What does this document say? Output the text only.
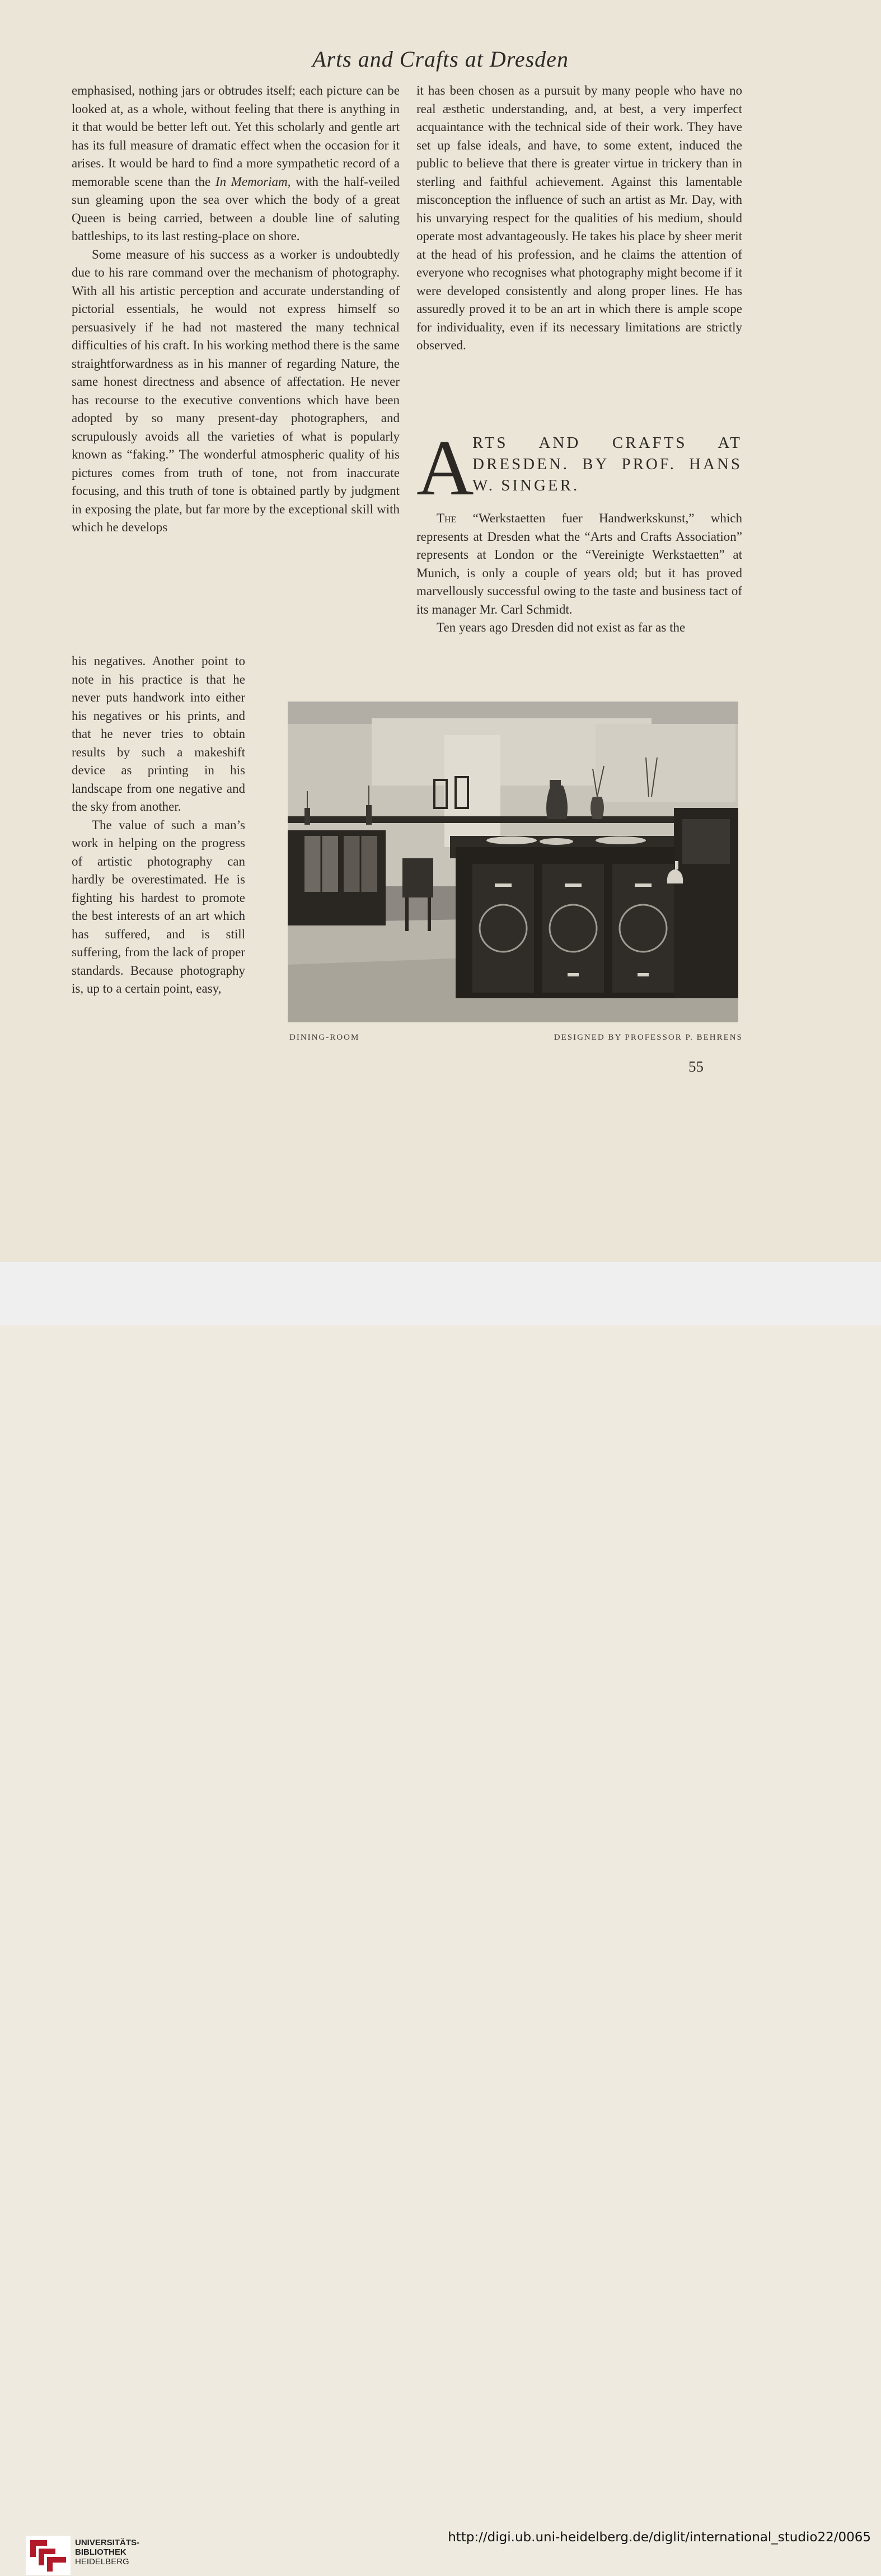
Arts and Crafts at Dresden

emphasised, nothing jars or obtrudes itself; each picture can be looked at, as a whole, without feeling that there is anything in it that would be better left out. Yet this scholarly and gentle art has its full measure of dramatic effect when the occasion for it arises. It would be hard to find a more sympathetic record of a memorable scene than the In Memoriam, with the half-veiled sun gleaming upon the sea over which the body of a great Queen is being carried, between a double line of saluting battleships, to its last resting-place on shore.

Some measure of his success as a worker is undoubtedly due to his rare command over the mechanism of photography. With all his artistic perception and accurate understanding of pictorial essentials, he would not express himself so persuasively if he had not mastered the many technical difficulties of his craft. In his working method there is the same straightforwardness as in his manner of regarding Nature, the same honest directness and absence of affectation. He never has recourse to the executive conventions which have been adopted by so many present-day photographers, and scrupulously avoids all the varieties of what is popularly known as “faking.” The wonderful atmospheric quality of his pictures comes from truth of tone, not from inaccurate focusing, and this truth of tone is obtained partly by judgment in exposing the plate, but far more by the exceptional skill with which he develops

his negatives. Another point to note in his practice is that he never puts handwork into either his negatives or his prints, and that he never tries to obtain results by such a makeshift device as printing in his landscape from one negative and the sky from another.

The value of such a man’s work in helping on the progress of artistic photography can hardly be overestimated. He is fighting his hardest to promote the best interests of an art which has suffered, and is still suffering, from the lack of proper standards. Because photography is, up to a certain point, easy,

it has been chosen as a pursuit by many people who have no real æsthetic understanding, and, at best, a very imperfect acquaintance with the technical side of their work. They have set up false ideals, and have, to some extent, induced the public to believe that there is greater virtue in trickery than in sterling and faithful achievement. Against this lamentable misconception the influence of such an artist as Mr. Day, with his unvarying respect for the qualities of his medium, should operate most advantageously. He takes his place by sheer merit at the head of his profession, and he claims the attention of everyone who recognises what photography might become if it were developed consistently and along proper lines. He has assuredly proved it to be an art in which there is ample scope for individuality, even if its necessary limitations are strictly observed.

A
RTS AND CRAFTS AT DRESDEN. BY PROF. HANS W. SINGER.

The “Werkstaetten fuer Handwerkskunst,” which represents at Dresden what the “Arts and Crafts Association” represents at London or the “Vereinigte Werkstaetten” at Munich, is only a couple of years old; but it has proved marvellously successful owing to the taste and business tact of its manager Mr. Carl Schmidt.

Ten years ago Dresden did not exist as far as the

DINING-ROOM	DESIGNED BY PROFESSOR P. BEHRENS
55
UNIVERSITÄTS-
BIBLIOTHEK
HEIDELBERG
http://digi.ub.uni-heidelberg.de/diglit/international_studio22/0065
